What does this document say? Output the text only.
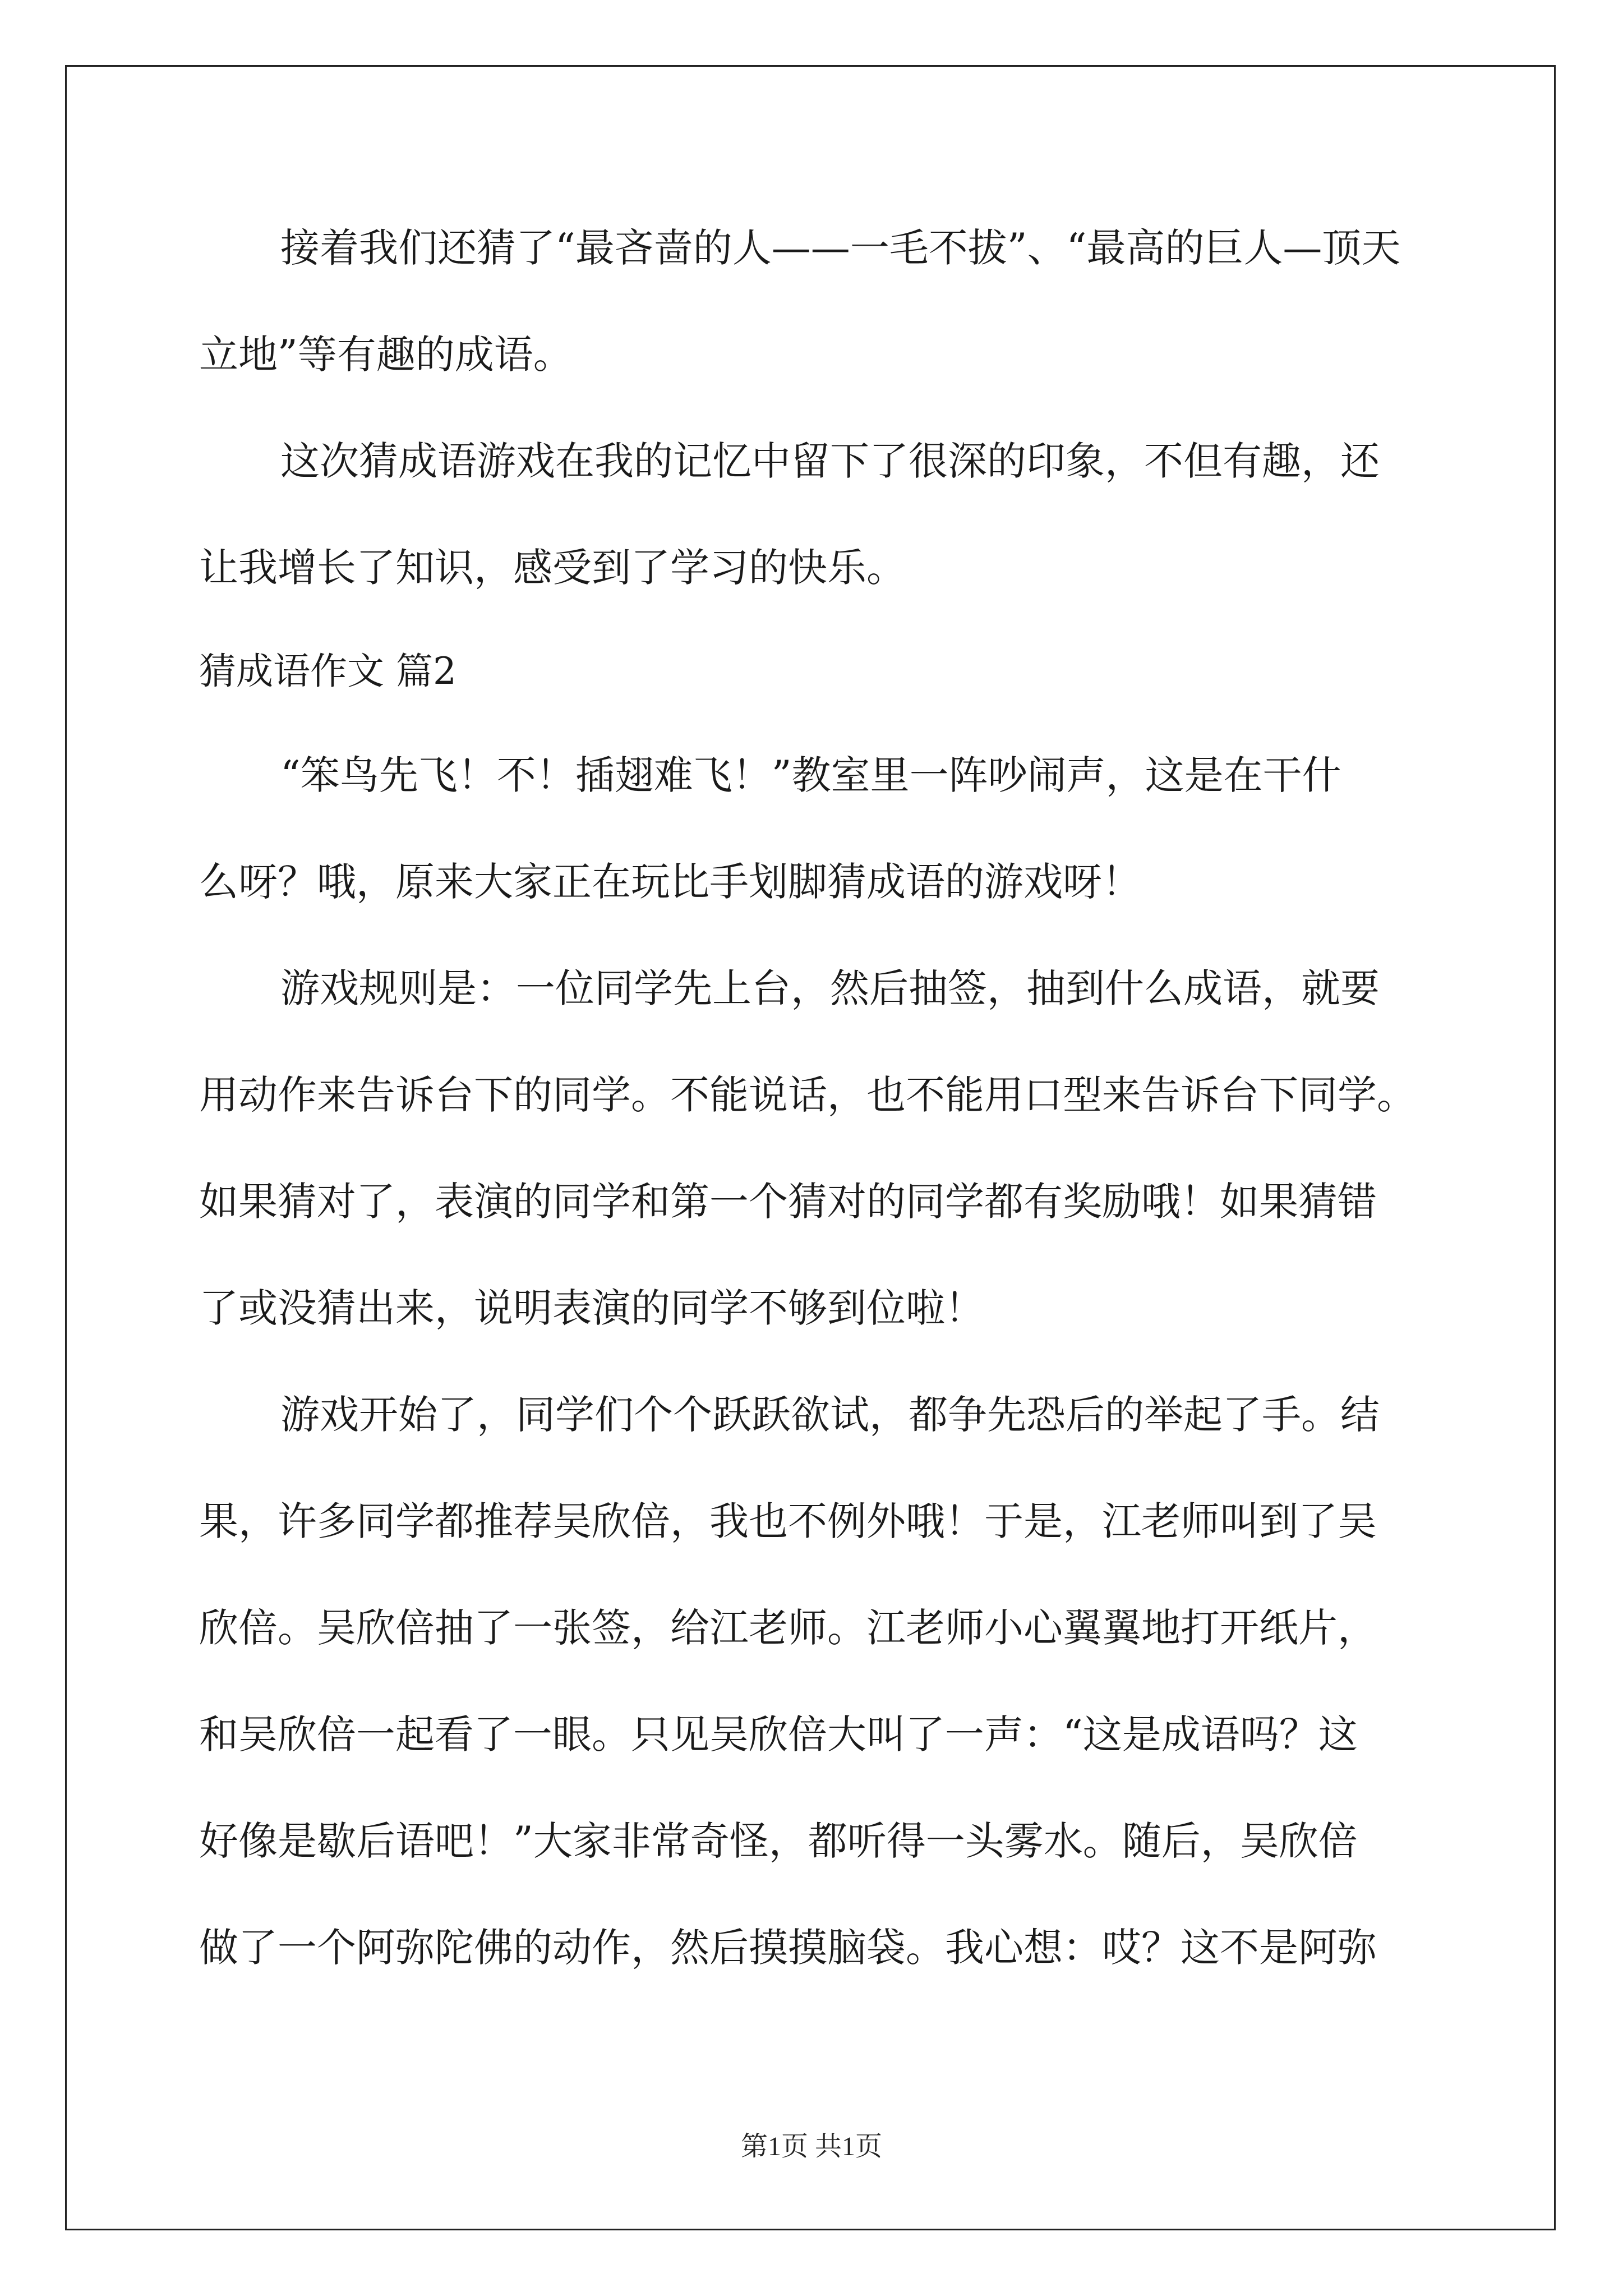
接着我们还猜了“最吝啬的人——一毛不拔”、“最高的巨人—顶天
立地”等有趣的成语。
这次猜成语游戏在我的记忆中留下了很深的印象，不但有趣，还
让我增长了知识，感受到了学习的快乐。
猜成语作文 篇2
“笨鸟先飞！不！插翅难飞！”教室里一阵吵闹声，这是在干什
么呀？哦，原来大家正在玩比手划脚猜成语的游戏呀！
游戏规则是：一位同学先上台，然后抽签，抽到什么成语，就要
用动作来告诉台下的同学。不能说话，也不能用口型来告诉台下同学。
如果猜对了，表演的同学和第一个猜对的同学都有奖励哦！如果猜错
了或没猜出来，说明表演的同学不够到位啦！
游戏开始了，同学们个个跃跃欲试，都争先恐后的举起了手。结
果，许多同学都推荐吴欣倍，我也不例外哦！于是，江老师叫到了吴
欣倍。吴欣倍抽了一张签，给江老师。江老师小心翼翼地打开纸片，
和吴欣倍一起看了一眼。只见吴欣倍大叫了一声：“这是成语吗？这
好像是歇后语吧！”大家非常奇怪，都听得一头雾水。随后，吴欣倍
做了一个阿弥陀佛的动作，然后摸摸脑袋。我心想：哎？这不是阿弥
第1页 共1页
